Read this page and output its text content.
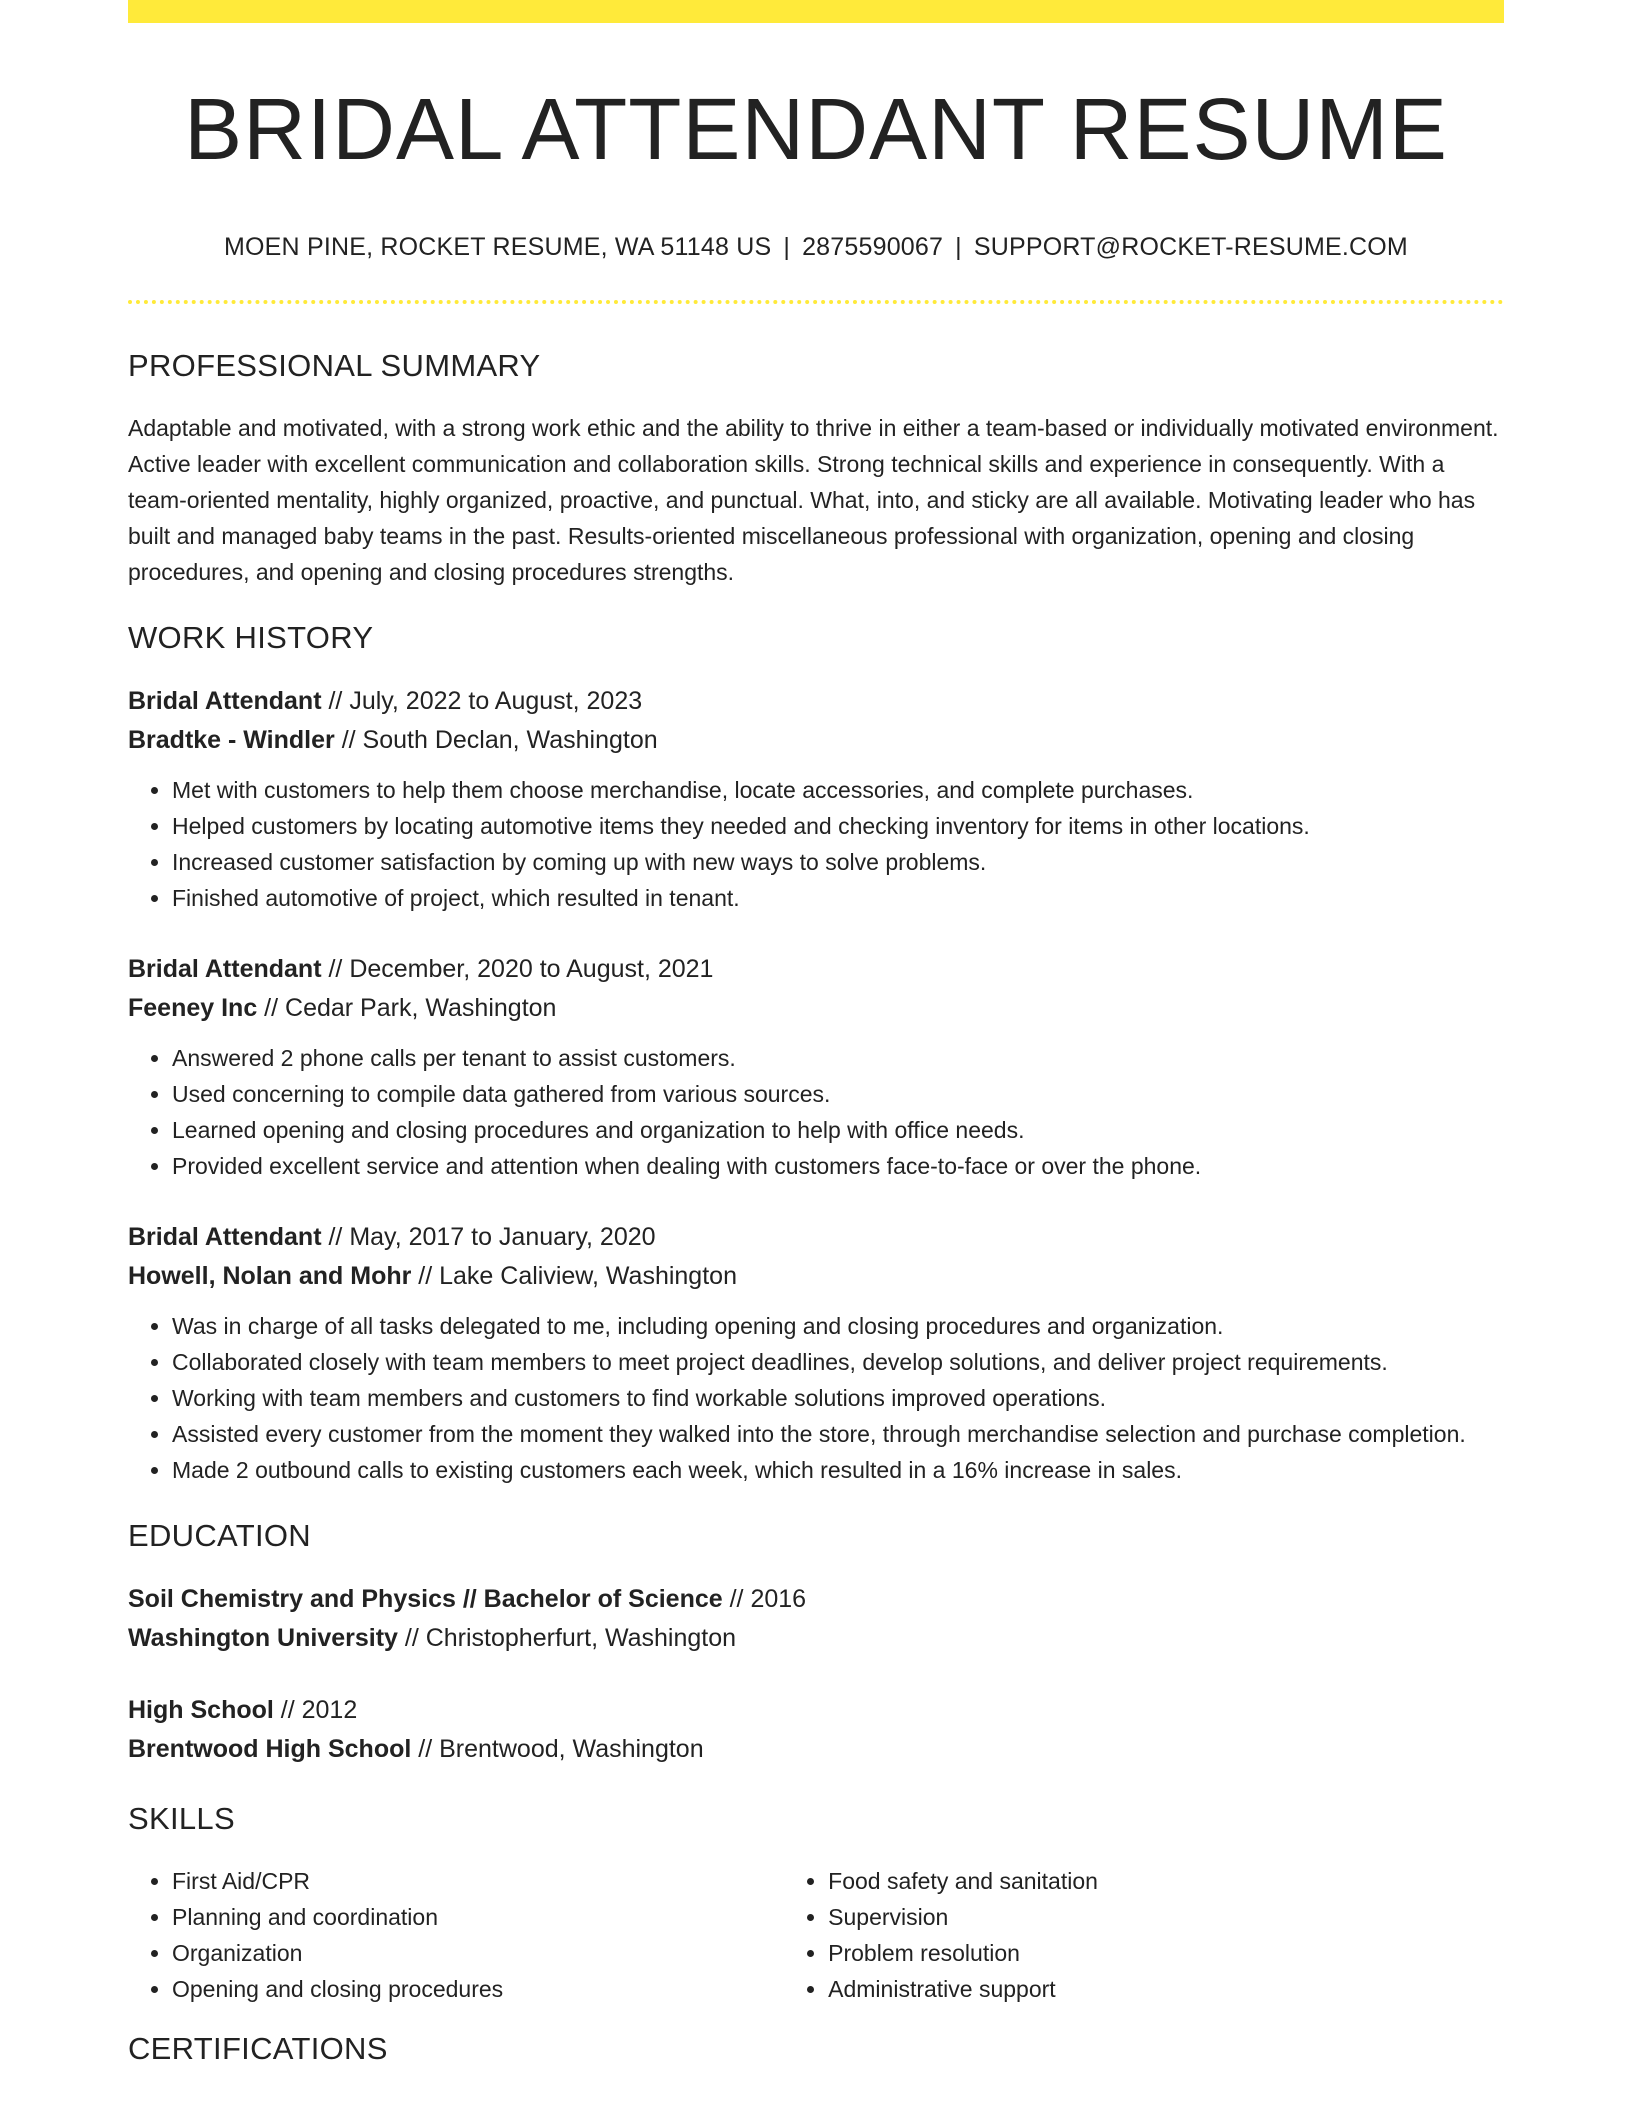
BRIDAL ATTENDANT RESUME
MOEN PINE, ROCKET RESUME, WA 51148 US | 2875590067 | SUPPORT@ROCKET-RESUME.COM
PROFESSIONAL SUMMARY

Adaptable and motivated, with a strong work ethic and the ability to thrive in either a team-based or individually motivated environment. Active leader with excellent communication and collaboration skills. Strong technical skills and experience in consequently. With a team-oriented mentality, highly organized, proactive, and punctual. What, into, and sticky are all available. Motivating leader who has built and managed baby teams in the past. Results-oriented miscellaneous professional with organization, opening and closing procedures, and opening and closing procedures strengths.

WORK HISTORY
Bridal Attendant // July, 2022 to August, 2023
Bradtke - Windler // South Declan, Washington
• Met with customers to help them choose merchandise, locate accessories, and complete purchases.
• Helped customers by locating automotive items they needed and checking inventory for items in other locations.
• Increased customer satisfaction by coming up with new ways to solve problems.
• Finished automotive of project, which resulted in tenant.
Bridal Attendant // December, 2020 to August, 2021
Feeney Inc // Cedar Park, Washington
• Answered 2 phone calls per tenant to assist customers.
• Used concerning to compile data gathered from various sources.
• Learned opening and closing procedures and organization to help with office needs.
• Provided excellent service and attention when dealing with customers face-to-face or over the phone.
Bridal Attendant // May, 2017 to January, 2020
Howell, Nolan and Mohr // Lake Caliview, Washington
• Was in charge of all tasks delegated to me, including opening and closing procedures and organization.
• Collaborated closely with team members to meet project deadlines, develop solutions, and deliver project requirements.
• Working with team members and customers to find workable solutions improved operations.
• Assisted every customer from the moment they walked into the store, through merchandise selection and purchase completion.
• Made 2 outbound calls to existing customers each week, which resulted in a 16% increase in sales.
EDUCATION
Soil Chemistry and Physics // Bachelor of Science // 2016
Washington University // Christopherfurt, Washington
High School // 2012
Brentwood High School // Brentwood, Washington
SKILLS
• First Aid/CPR
• Planning and coordination
• Organization
• Opening and closing procedures
• Food safety and sanitation
• Supervision
• Problem resolution
• Administrative support
CERTIFICATIONS
